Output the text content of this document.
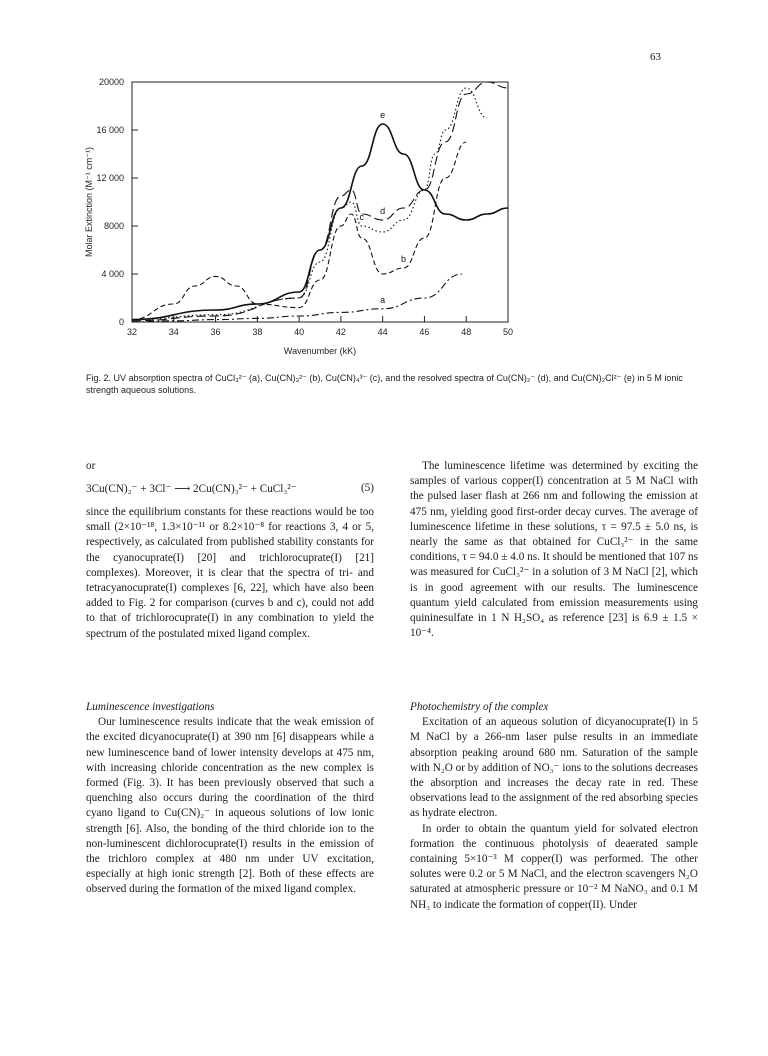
63
32	34	36	38	40	42	44	46	48	50
0
4 000
8000
12 000
16 000
20000
Wavenumber (kK)
Molar Extinction (M⁻¹ cm⁻¹)
a
b
c
d
e
Fig. 2. UV absorption spectra of CuCl₃²⁻ (a), Cu(CN)₃²⁻ (b), Cu(CN)₄³⁻ (c), and the resolved spectra of Cu(CN)₂⁻ (d), and Cu(CN)₂Cl²⁻ (e) in 5 M ionic strength aqueous solutions.

or

3Cu(CN)₂⁻ + 3Cl⁻ ⟶ 2Cu(CN)₃²⁻ + CuCl₃²⁻	(5)

since the equilibrium constants for these reactions would be too small (2×10⁻¹⁸, 1.3×10⁻¹¹ or 8.2×10⁻⁸ for reactions 3, 4 or 5, respectively, as calculated from published stability constants for the cyanocuprate(I) [20] and trichlorocuprate(I) [21] complexes). Moreover, it is clear that the spectra of tri- and tetracyanocuprate(I) complexes [6, 22], which have also been added to Fig. 2 for comparison (curves b and c), could not add to that of trichlorocuprate(I) in any combination to yield the spectrum of the postulated mixed ligand complex.

Luminescence investigations

Our luminescence results indicate that the weak emission of the excited dicyanocuprate(I) at 390 nm [6] disappears while a new luminescence band of lower intensity develops at 475 nm, with increasing chloride concentration as the new complex is formed (Fig. 3). It has been previously observed that such a quenching also occurs during the coordination of the third cyano ligand to Cu(CN)₂⁻ in aqueous solutions of low ionic strength [6]. Also, the bonding of the third chloride ion to the non-luminescent dichlorocuprate(I) results in the emission of the trichloro complex at 480 nm under UV excitation, especially at high ionic strength [2]. Both of these effects are observed during the formation of the mixed ligand complex.

The luminescence lifetime was determined by exciting the samples of various copper(I) concentration at 5 M NaCl with the pulsed laser flash at 266 nm and following the emission at 475 nm, yielding good first-order decay curves. The average of luminescence lifetime in these solutions, τ = 97.5 ± 5.0 ns, is nearly the same as that obtained for CuCl₃²⁻ in the same conditions, τ = 94.0 ± 4.0 ns. It should be mentioned that 107 ns was measured for CuCl₃²⁻ in a solution of 3 M NaCl [2], which is in good agreement with our results. The luminescence quantum yield calculated from emission measurements using quininesulfate in 1 N H₂SO₄ as reference [23] is 6.9 ± 1.5 × 10⁻⁴.

Photochemistry of the complex

Excitation of an aqueous solution of dicyanocuprate(I) in 5 M NaCl by a 266-nm laser pulse results in an immediate absorption peaking around 680 nm. Saturation of the sample with N₂O or by addition of NO₃⁻ ions to the solutions decreases the absorption and increases the decay rate in red. These observations lead to the assignment of the red absorbing species as hydrate electron.

In order to obtain the quantum yield for solvated electron formation the continuous photolysis of deaerated sample containing 5×10⁻³ M copper(I) was performed. The other solutes were 0.2 or 5 M NaCl, and the electron scavengers N₂O saturated at atmospheric pressure or 10⁻² M NaNO₃ and 0.1 M NH₃ to indicate the formation of copper(II). Under
